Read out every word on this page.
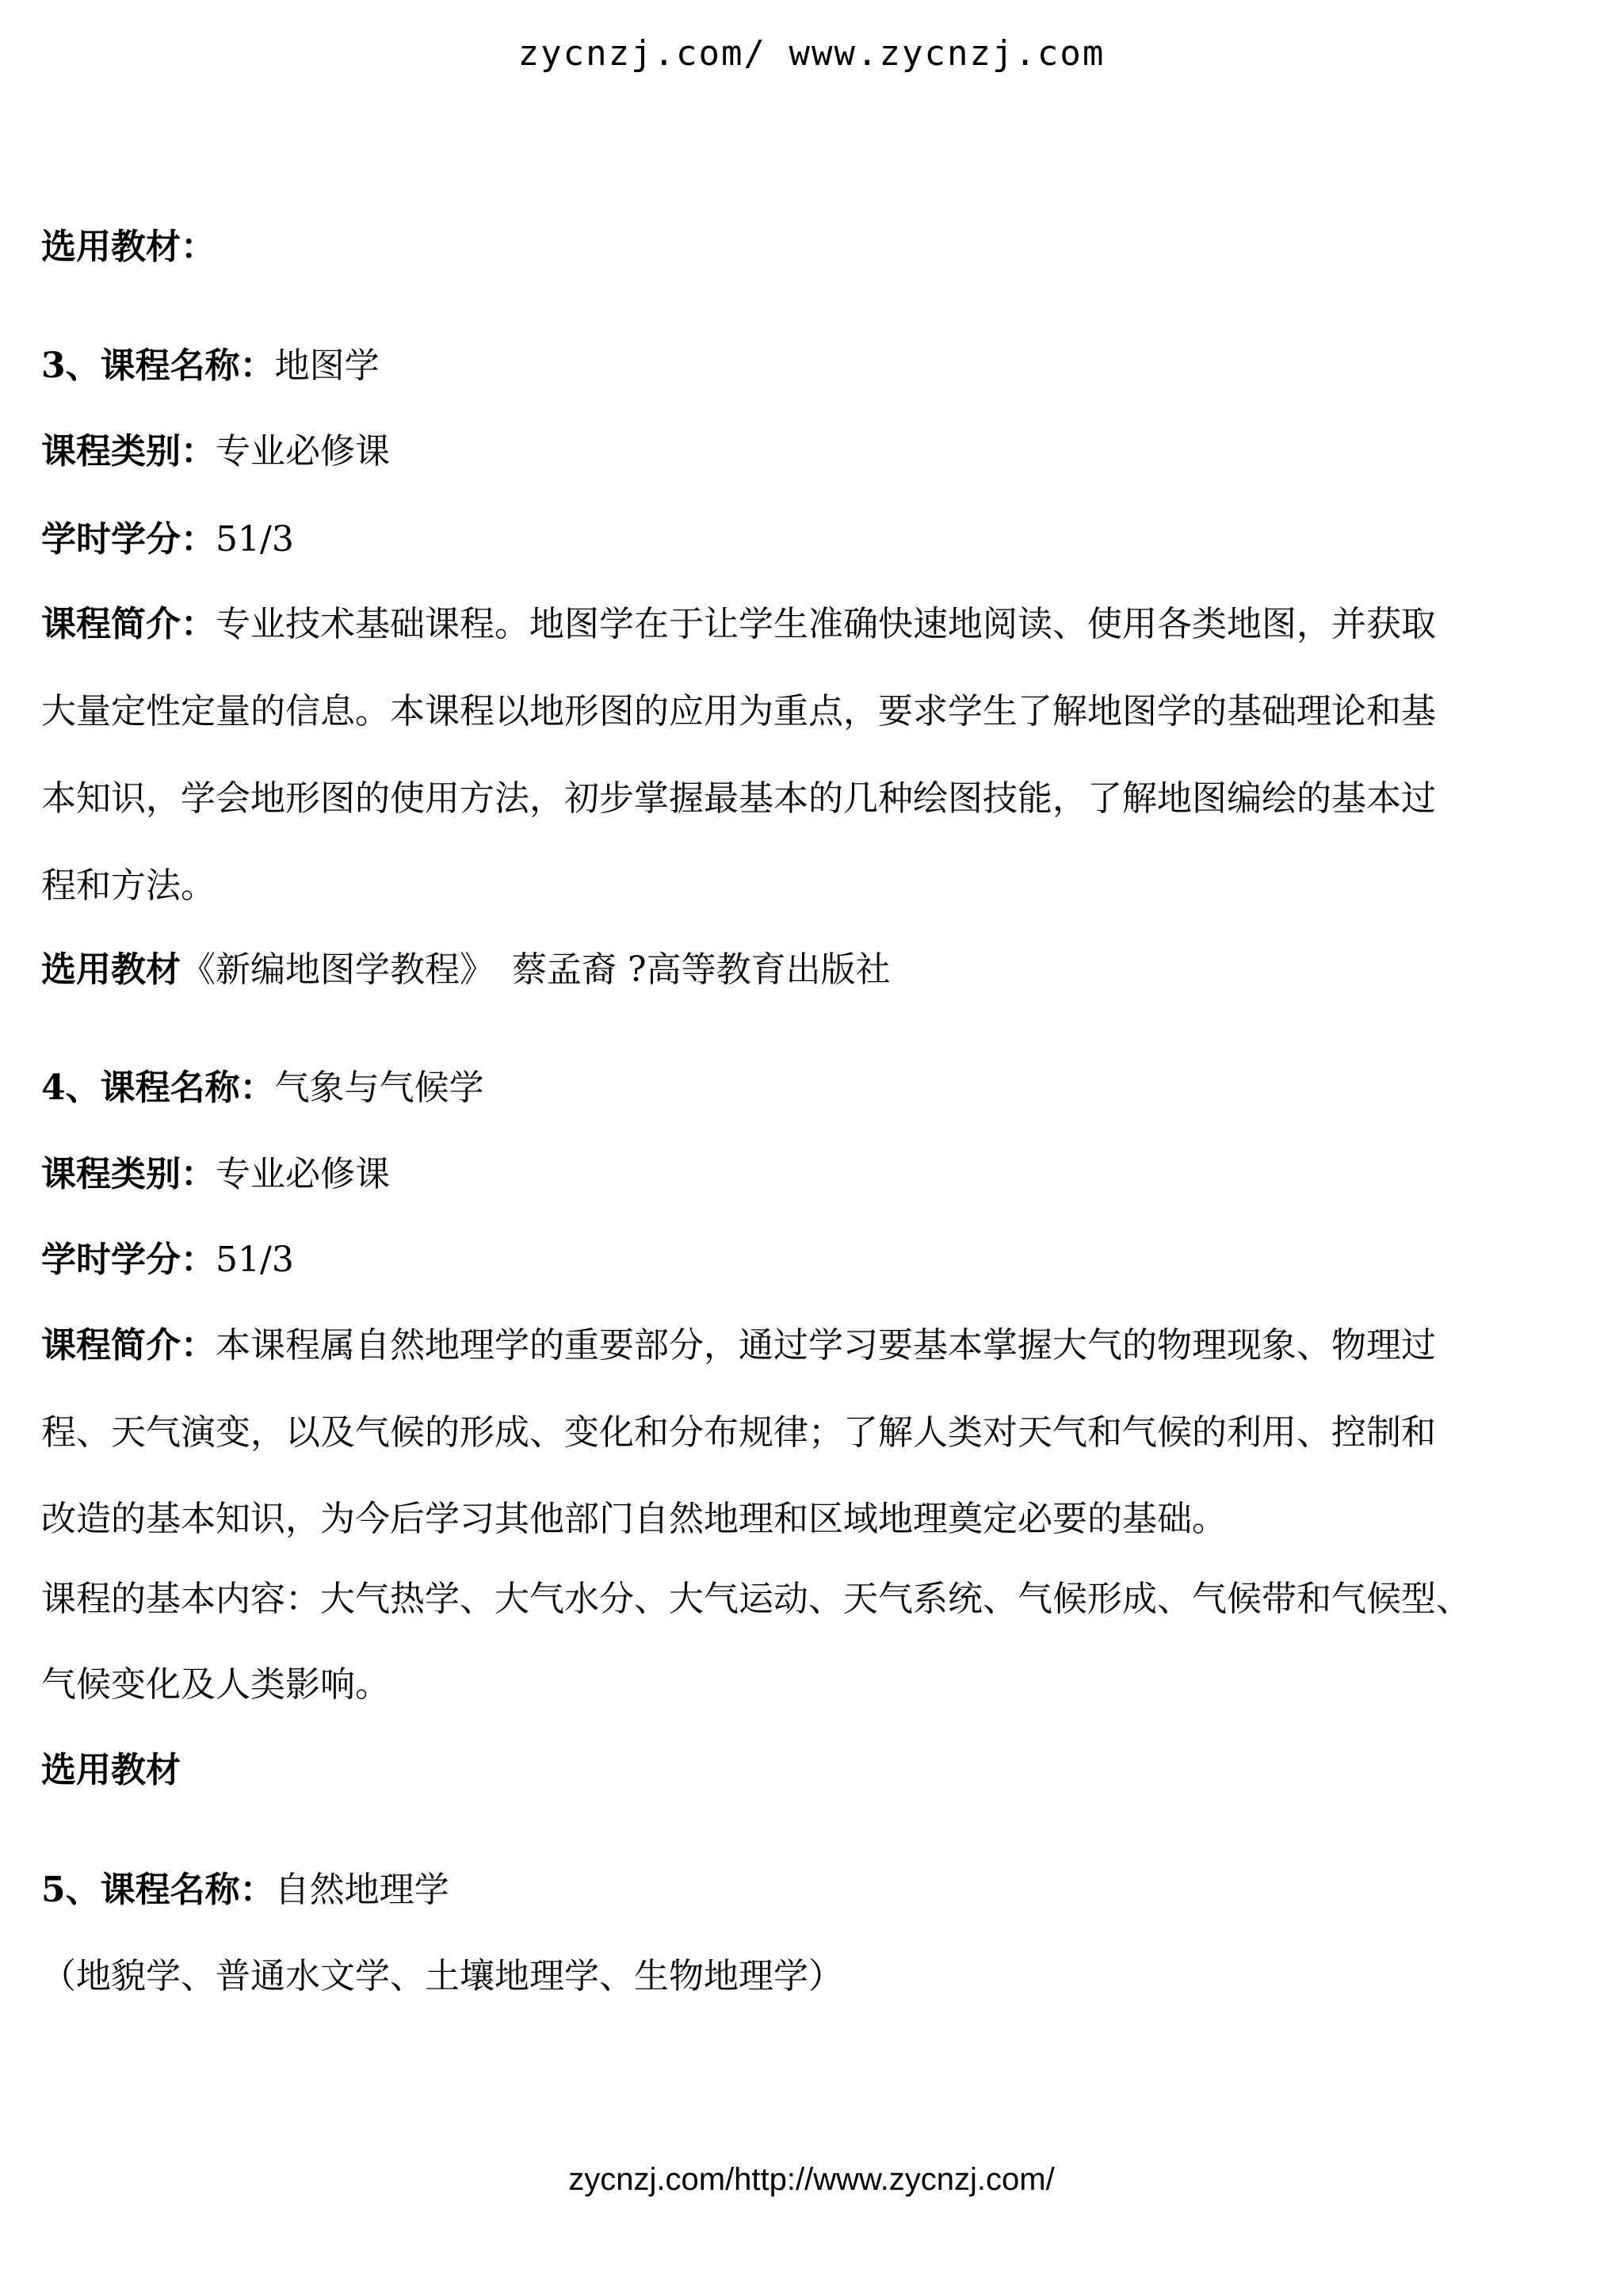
zycnzj.com/ www.zycnzj.com
选用教材：
3、课程名称：地图学
课程类别：专业必修课
学时学分：51/3
课程简介：专业技术基础课程。地图学在于让学生准确快速地阅读、使用各类地图，并获取
大量定性定量的信息。本课程以地形图的应用为重点，要求学生了解地图学的基础理论和基
本知识，学会地形图的使用方法，初步掌握最基本的几种绘图技能，了解地图编绘的基本过
程和方法。
选用教材《新编地图学教程》　蔡孟裔 ?高等教育出版社
4、课程名称：气象与气候学
课程类别：专业必修课
学时学分：51/3
课程简介：本课程属自然地理学的重要部分，通过学习要基本掌握大气的物理现象、物理过
程、天气演变，以及气候的形成、变化和分布规律；了解人类对天气和气候的利用、控制和
改造的基本知识，为今后学习其他部门自然地理和区域地理奠定必要的基础。
课程的基本内容：大气热学、大气水分、大气运动、天气系统、气候形成、气候带和气候型、
气候变化及人类影响。
选用教材
5、课程名称：自然地理学
（地貌学、普通水文学、土壤地理学、生物地理学）
zycnzj.com/http://www.zycnzj.com/
